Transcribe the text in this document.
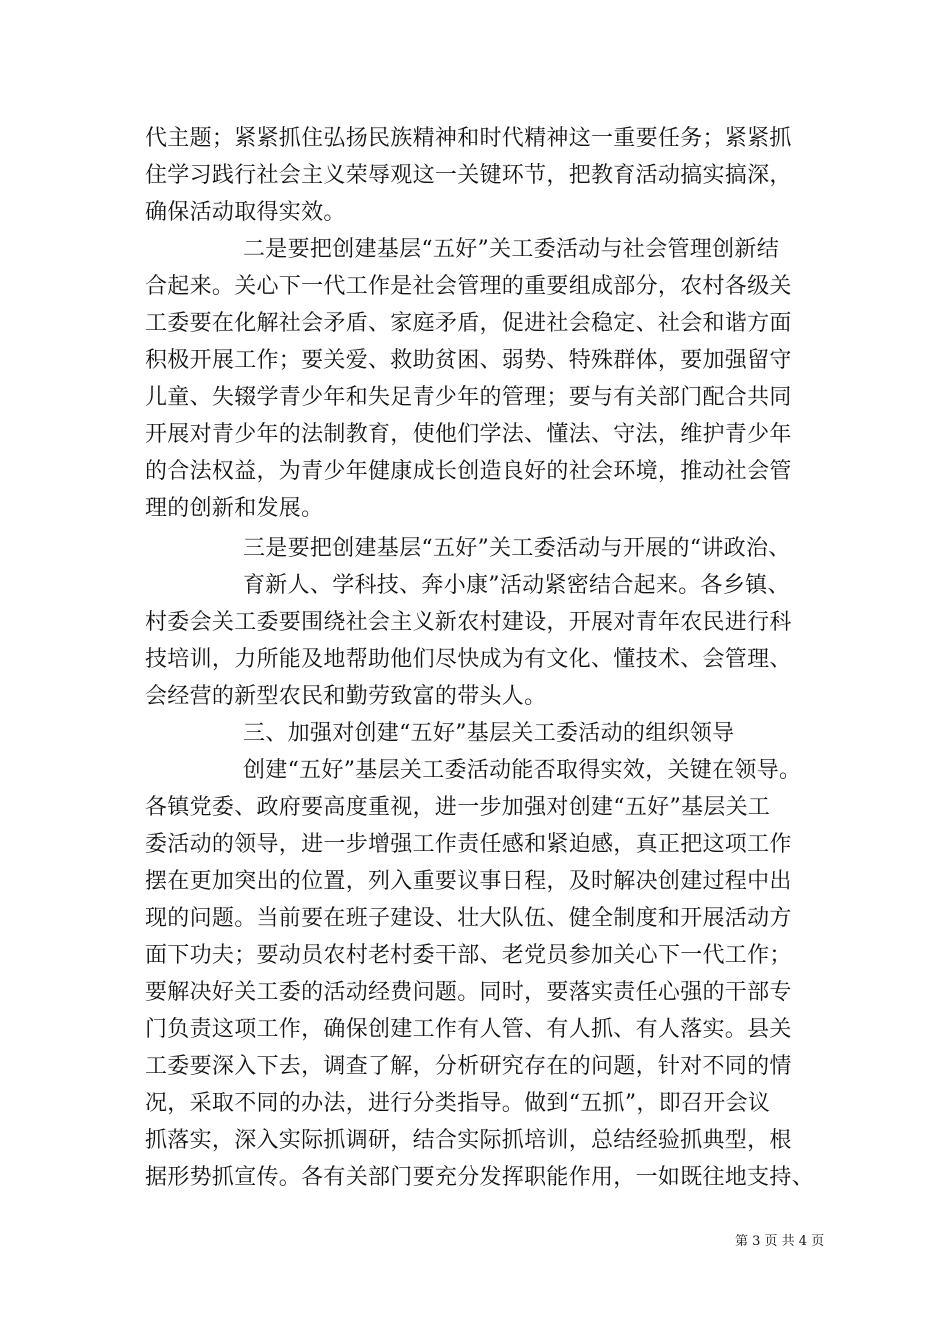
代主题；紧紧抓住弘扬民族精神和时代精神这一重要任务；紧紧抓
住学习践行社会主义荣辱观这一关键环节，把教育活动搞实搞深，
确保活动取得实效。
二是要把创建基层“五好”关工委活动与社会管理创新结
合起来。关心下一代工作是社会管理的重要组成部分，农村各级关
工委要在化解社会矛盾、家庭矛盾，促进社会稳定、社会和谐方面
积极开展工作；要关爱、救助贫困、弱势、特殊群体，要加强留守
儿童、失辍学青少年和失足青少年的管理；要与有关部门配合共同
开展对青少年的法制教育，使他们学法、懂法、守法，维护青少年
的合法权益，为青少年健康成长创造良好的社会环境，推动社会管
理的创新和发展。
三是要把创建基层“五好”关工委活动与开展的“讲政治、
育新人、学科技、奔小康”活动紧密结合起来。各乡镇、
村委会关工委要围绕社会主义新农村建设，开展对青年农民进行科
技培训，力所能及地帮助他们尽快成为有文化、懂技术、会管理、
会经营的新型农民和勤劳致富的带头人。
三、加强对创建“五好”基层关工委活动的组织领导
创建“五好”基层关工委活动能否取得实效，关键在领导。
各镇党委、政府要高度重视，进一步加强对创建“五好”基层关工
委活动的领导，进一步增强工作责任感和紧迫感，真正把这项工作
摆在更加突出的位置，列入重要议事日程，及时解决创建过程中出
现的问题。当前要在班子建设、壮大队伍、健全制度和开展活动方
面下功夫；要动员农村老村委干部、老党员参加关心下一代工作；
要解决好关工委的活动经费问题。同时，要落实责任心强的干部专
门负责这项工作，确保创建工作有人管、有人抓、有人落实。县关
工委要深入下去，调查了解，分析研究存在的问题，针对不同的情
况，采取不同的办法，进行分类指导。做到“五抓”，即召开会议
抓落实，深入实际抓调研，结合实际抓培训，总结经验抓典型，根
据形势抓宣传。各有关部门要充分发挥职能作用，一如既往地支持、
第 3 页 共 4 页
